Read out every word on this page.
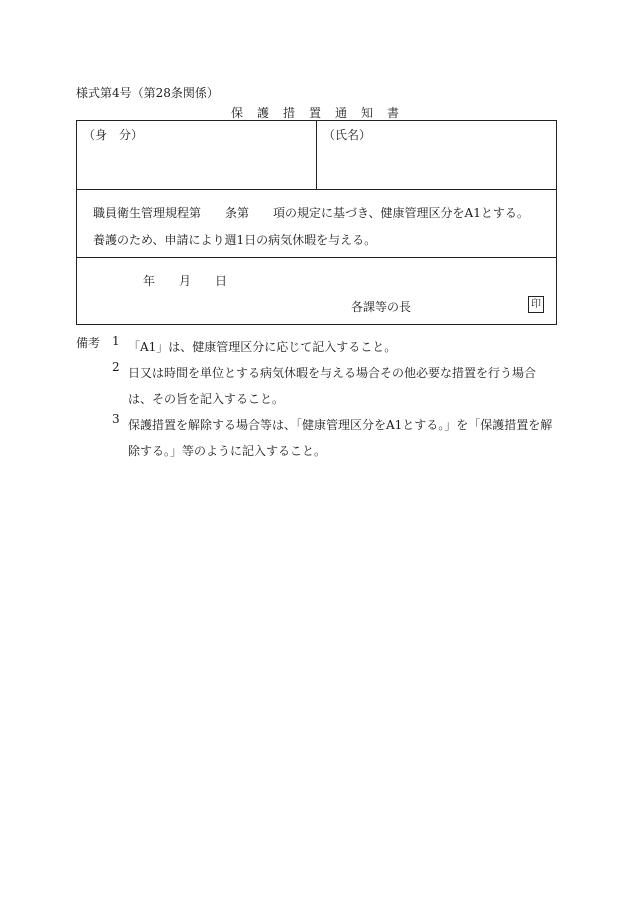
様式第4号（第28条関係）
保護措置通知書
（身　分）	（氏名）
職員衛生管理規程第　　条第　　項の規定に基づき、健康管理区分をA1とする。
養護のため、申請により週1日の病気休暇を与える。
年　　月　　日
各課等の長	印
備考 1 「A1」は、健康管理区分に応じて記入すること。
2 日又は時間を単位とする病気休暇を与える場合その他必要な措置を行う場合は、その旨を記入すること。
3 保護措置を解除する場合等は、「健康管理区分をA1とする。」を「保護措置を解除する。」等のように記入すること。
